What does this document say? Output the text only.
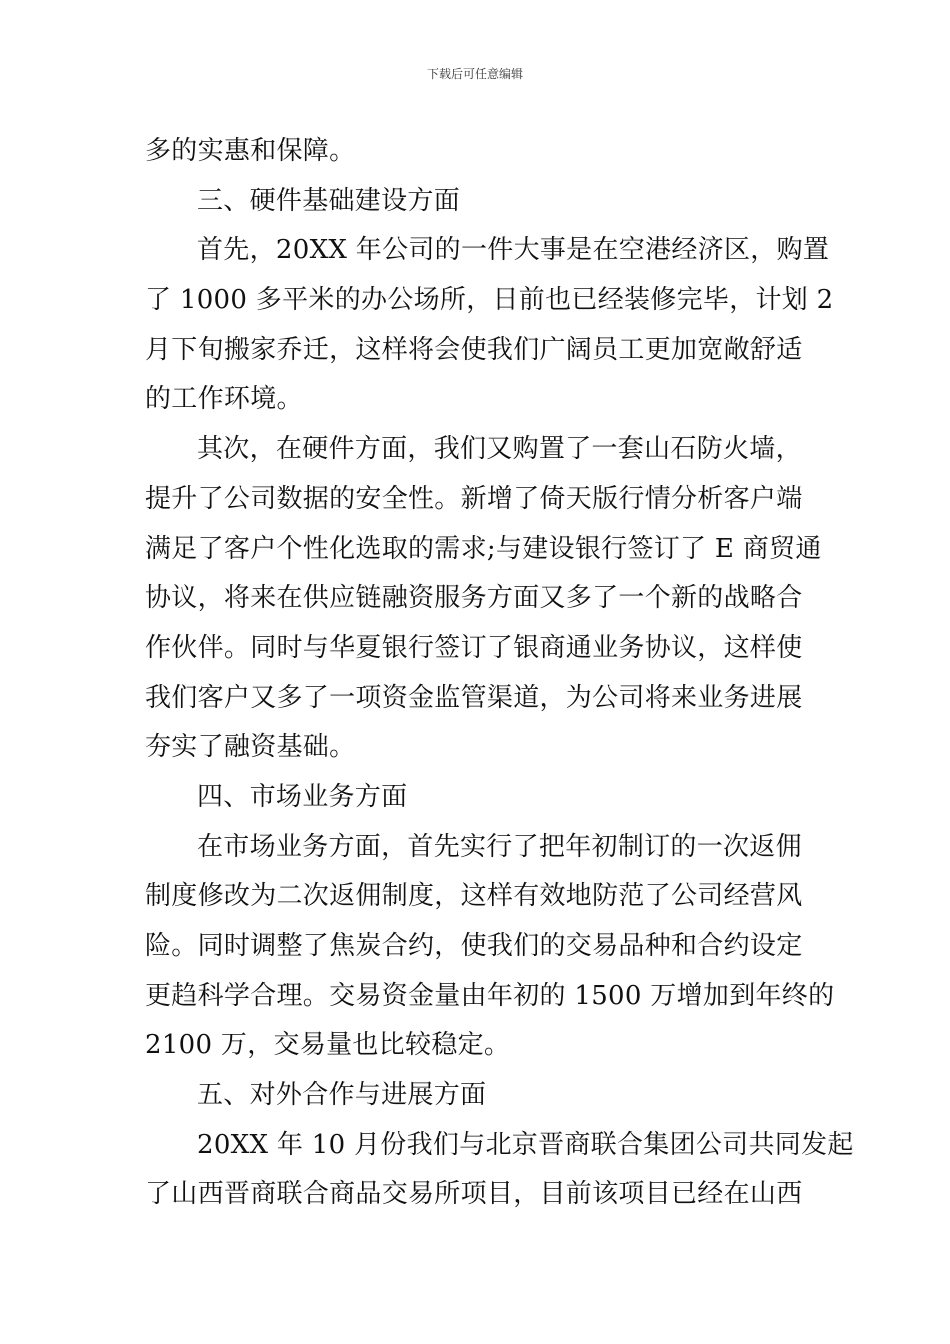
下载后可任意编辑
多的实惠和保障。
三、硬件基础建设方面
首先，20XX 年公司的一件大事是在空港经济区，购置
了 1000 多平米的办公场所，日前也已经装修完毕，计划 2
月下旬搬家乔迁，这样将会使我们广阔员工更加宽敞舒适
的工作环境。
其次，在硬件方面，我们又购置了一套山石防火墙，
提升了公司数据的安全性。新增了倚天版行情分析客户端
满足了客户个性化选取的需求;与建设银行签订了 E 商贸通
协议，将来在供应链融资服务方面又多了一个新的战略合
作伙伴。同时与华夏银行签订了银商通业务协议，这样使
我们客户又多了一项资金监管渠道，为公司将来业务进展
夯实了融资基础。
四、市场业务方面
在市场业务方面，首先实行了把年初制订的一次返佣
制度修改为二次返佣制度，这样有效地防范了公司经营风
险。同时调整了焦炭合约，使我们的交易品种和合约设定
更趋科学合理。交易资金量由年初的 1500 万增加到年终的
2100 万，交易量也比较稳定。
五、对外合作与进展方面
20XX 年 10 月份我们与北京晋商联合集团公司共同发起
了山西晋商联合商品交易所项目，目前该项目已经在山西
